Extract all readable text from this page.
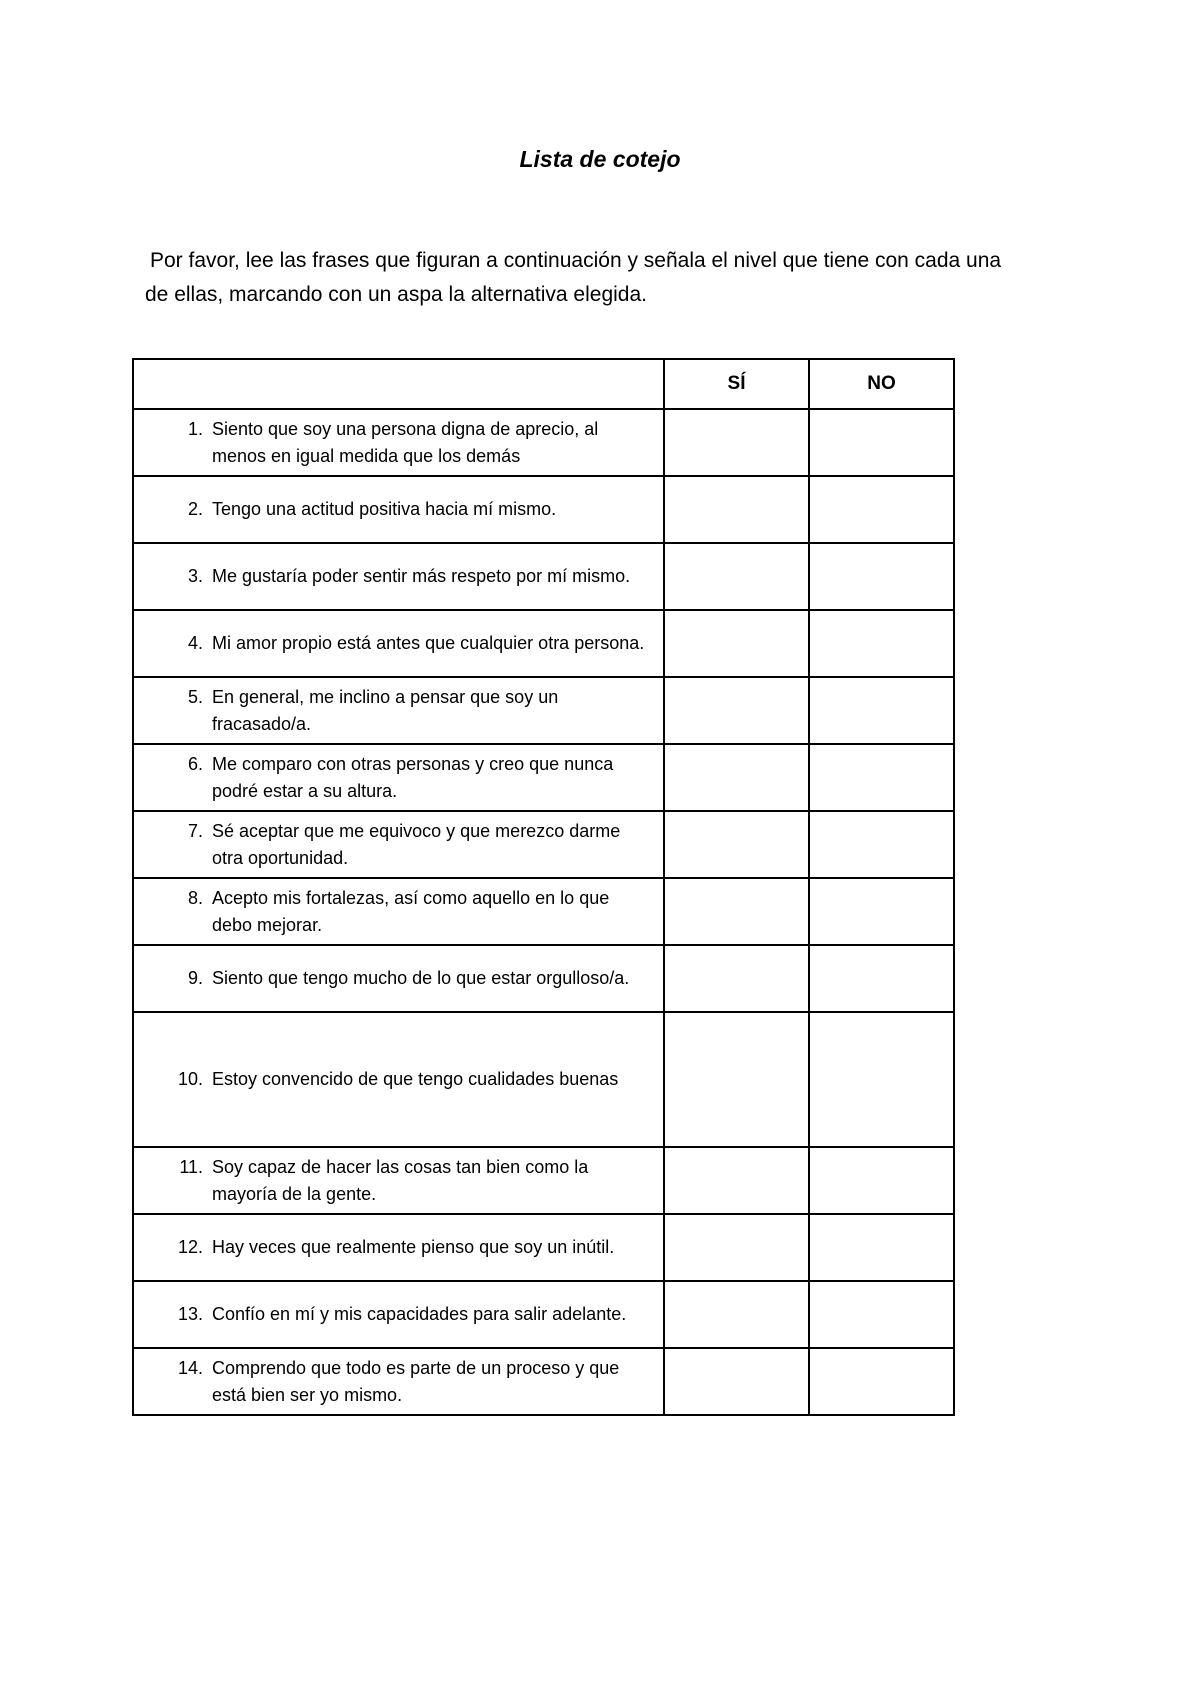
Lista de cotejo

Por favor, lee las frases que figuran a continuación y señala el nivel que tiene con cada una
de ellas, marcando con un aspa la alternativa elegida.

	SÍ	NO

1. Siento que soy una persona digna de aprecio, al menos en igual medida que los demás		

2. Tengo una actitud positiva hacia mí mismo.		

3. Me gustaría poder sentir más respeto por mí mismo.		

4. Mi amor propio está antes que cualquier otra persona.		

5. En general, me inclino a pensar que soy un fracasado/a.		

6. Me comparo con otras personas y creo que nunca podré estar a su altura.		

7. Sé aceptar que me equivoco y que merezco darme otra oportunidad.		

8. Acepto mis fortalezas, así como aquello en lo que debo mejorar.		

9. Siento que tengo mucho de lo que estar orgulloso/a.		

10. Estoy convencido de que tengo cualidades buenas		

11. Soy capaz de hacer las cosas tan bien como la mayoría de la gente.		

12. Hay veces que realmente pienso que soy un inútil.		

13. Confío en mí y mis capacidades para salir adelante.		

14. Comprendo que todo es parte de un proceso y que está bien ser yo mismo.		
